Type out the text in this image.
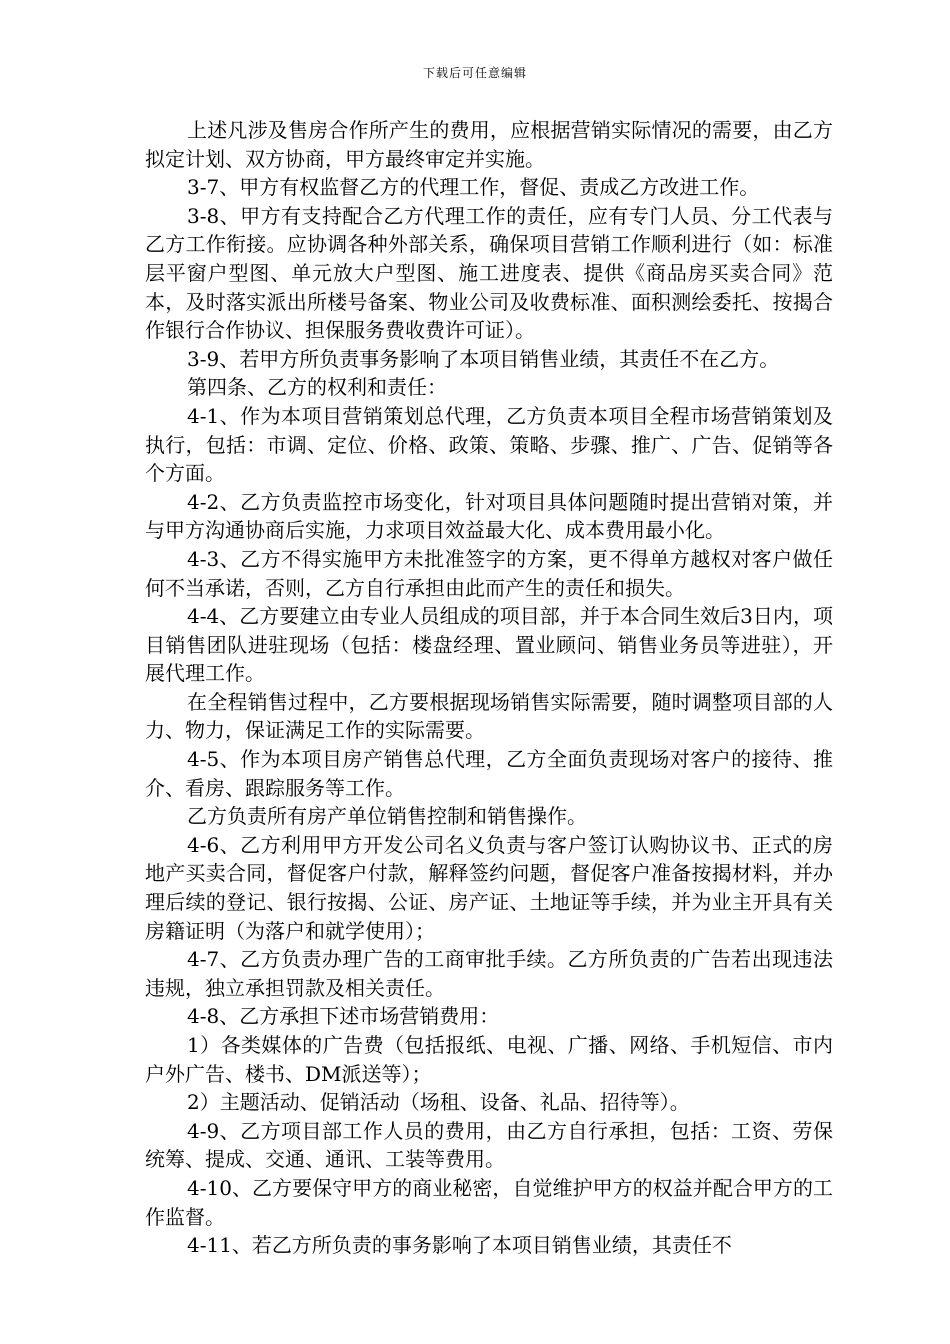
下载后可任意编辑

上述凡涉及售房合作所产生的费用，应根据营销实际情况的需要，由乙方拟定计划、双方协商，甲方最终审定并实施。

3-7、甲方有权监督乙方的代理工作，督促、责成乙方改进工作。

3-8、甲方有支持配合乙方代理工作的责任，应有专门人员、分工代表与乙方工作衔接。应协调各种外部关系，确保项目营销工作顺利进行（如：标准层平窗户型图、单元放大户型图、施工进度表、提供《商品房买卖合同》范本，及时落实派出所楼号备案、物业公司及收费标准、面积测绘委托、按揭合作银行合作协议、担保服务费收费许可证）。

3-9、若甲方所负责事务影响了本项目销售业绩，其责任不在乙方。

第四条、乙方的权利和责任：

4-1、作为本项目营销策划总代理，乙方负责本项目全程市场营销策划及执行，包括：市调、定位、价格、政策、策略、步骤、推广、广告、促销等各个方面。

4-2、乙方负责监控市场变化，针对项目具体问题随时提出营销对策，并与甲方沟通协商后实施，力求项目效益最大化、成本费用最小化。

4-3、乙方不得实施甲方未批准签字的方案，更不得单方越权对客户做任何不当承诺，否则，乙方自行承担由此而产生的责任和损失。

4-4、乙方要建立由专业人员组成的项目部，并于本合同生效后3日内，项目销售团队进驻现场（包括：楼盘经理、置业顾问、销售业务员等进驻），开展代理工作。

在全程销售过程中，乙方要根据现场销售实际需要，随时调整项目部的人力、物力，保证满足工作的实际需要。

4-5、作为本项目房产销售总代理，乙方全面负责现场对客户的接待、推介、看房、跟踪服务等工作。

乙方负责所有房产单位销售控制和销售操作。

4-6、乙方利用甲方开发公司名义负责与客户签订认购协议书、正式的房地产买卖合同，督促客户付款，解释签约问题，督促客户准备按揭材料，并办理后续的登记、银行按揭、公证、房产证、土地证等手续，并为业主开具有关房籍证明（为落户和就学使用）；

4-7、乙方负责办理广告的工商审批手续。乙方所负责的广告若出现违法违规，独立承担罚款及相关责任。

4-8、乙方承担下述市场营销费用：

1）各类媒体的广告费（包括报纸、电视、广播、网络、手机短信、市内户外广告、楼书、DM派送等）；

2）主题活动、促销活动（场租、设备、礼品、招待等）。

4-9、乙方项目部工作人员的费用，由乙方自行承担，包括：工资、劳保统筹、提成、交通、通讯、工装等费用。

4-10、乙方要保守甲方的商业秘密，自觉维护甲方的权益并配合甲方的工作监督。

4-11、若乙方所负责的事务影响了本项目销售业绩，其责任不
